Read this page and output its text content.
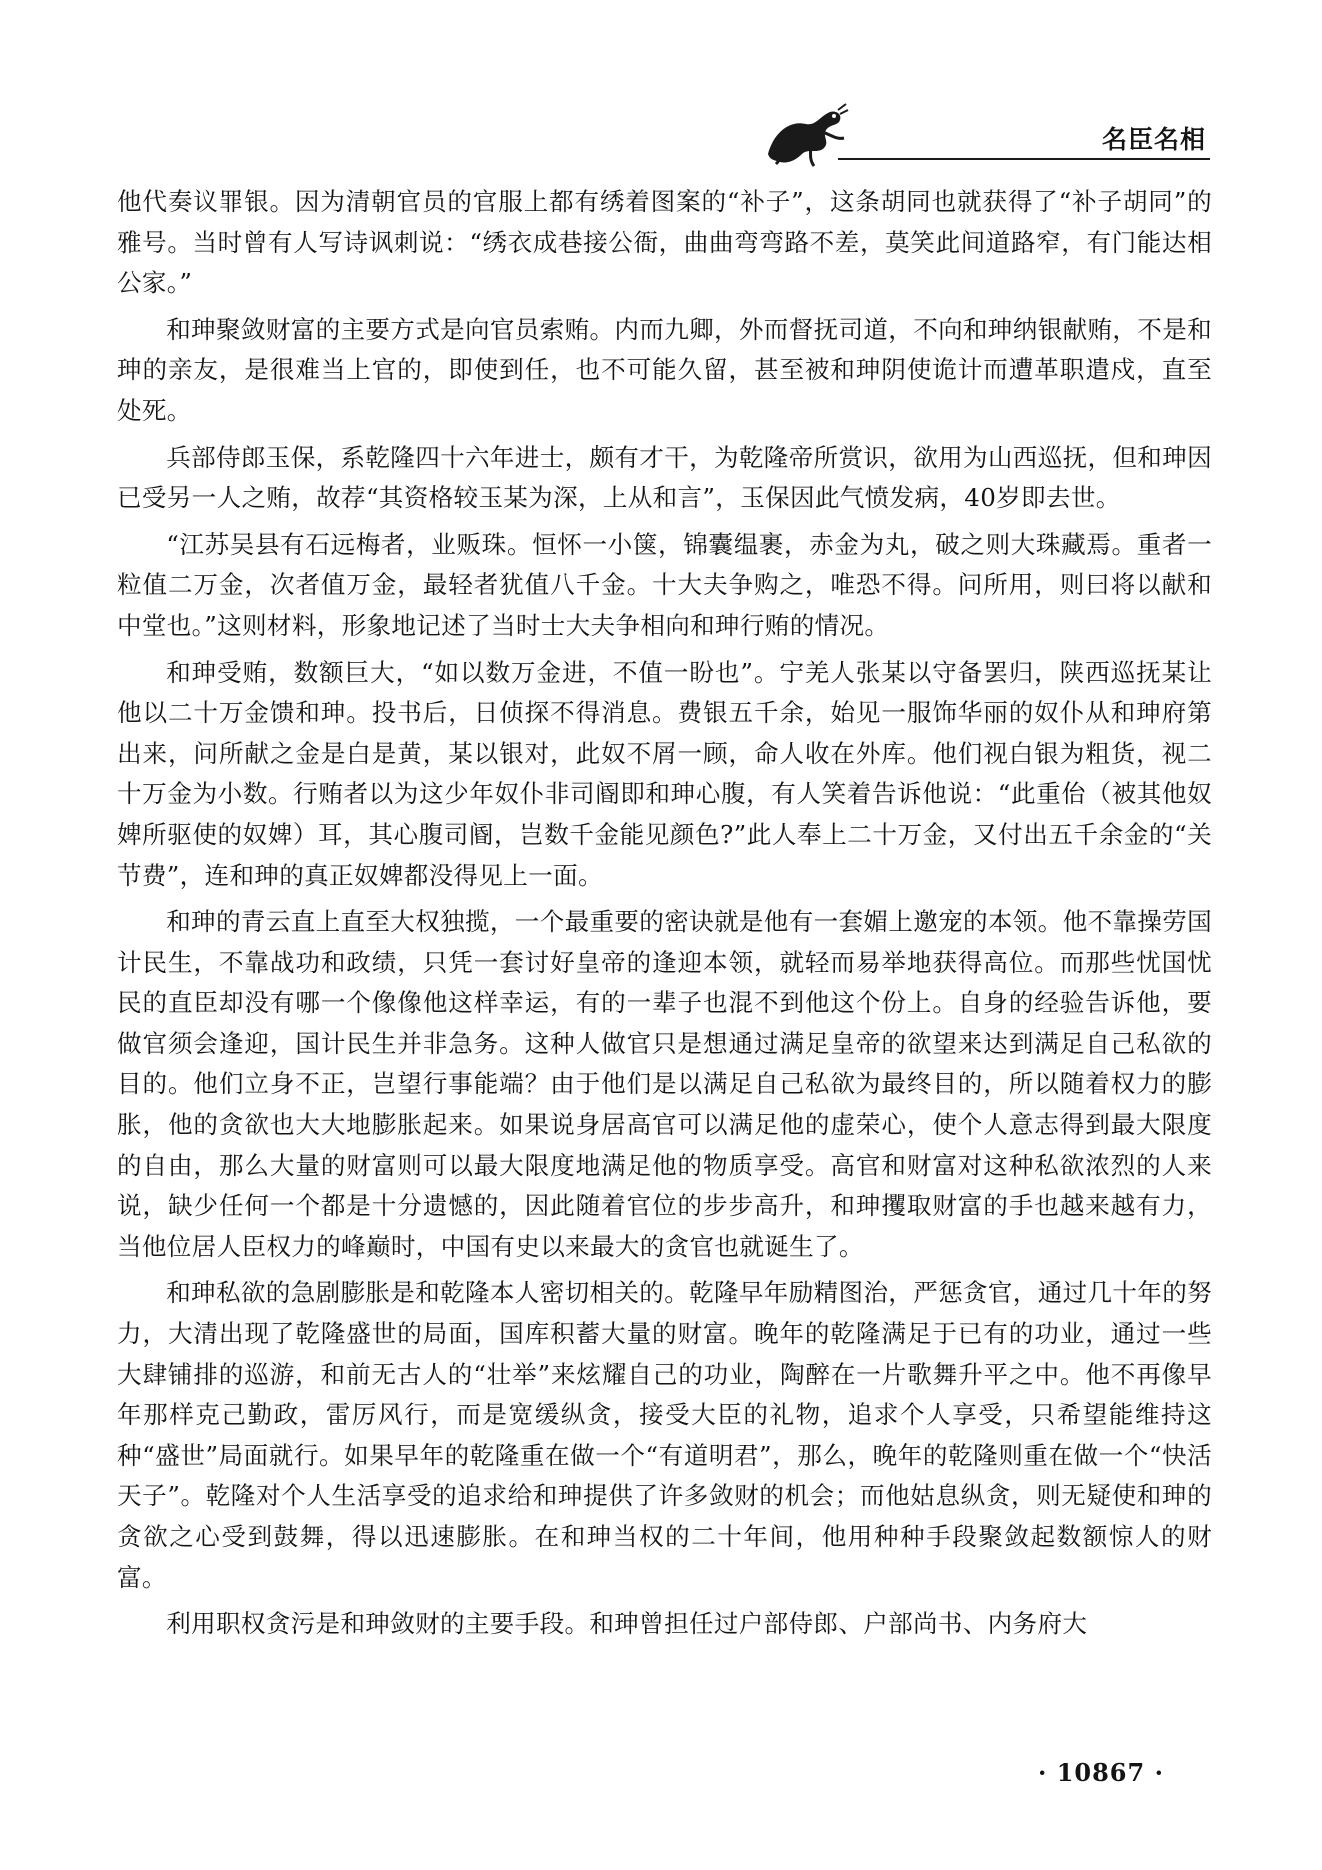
名臣名相

他代奏议罪银。因为清朝官员的官服上都有绣着图案的“补子”，这条胡同也就获得了“补子胡同”的雅号。当时曾有人写诗讽刺说：“绣衣成巷接公衙，曲曲弯弯路不差，莫笑此间道路窄，有门能达相公家。”

和珅聚敛财富的主要方式是向官员索贿。内而九卿，外而督抚司道，不向和珅纳银献贿，不是和珅的亲友，是很难当上官的，即使到任，也不可能久留，甚至被和珅阴使诡计而遭革职遣戍，直至处死。

兵部侍郎玉保，系乾隆四十六年进士，颇有才干，为乾隆帝所赏识，欲用为山西巡抚，但和珅因已受另一人之贿，故荐“其资格较玉某为深，上从和言”，玉保因此气愤发病，40岁即去世。

“江苏吴县有石远梅者，业贩珠。恒怀一小箧，锦囊缊裹，赤金为丸，破之则大珠藏焉。重者一粒值二万金，次者值万金，最轻者犹值八千金。十大夫争购之，唯恐不得。问所用，则曰将以献和中堂也。”这则材料，形象地记述了当时士大夫争相向和珅行贿的情况。

和珅受贿，数额巨大，“如以数万金进，不值一盼也”。宁羌人张某以守备罢归，陕西巡抚某让他以二十万金馈和珅。投书后，日侦探不得消息。费银五千余，始见一服饰华丽的奴仆从和珅府第出来，问所献之金是白是黄，某以银对，此奴不屑一顾，命人收在外库。他们视白银为粗货，视二十万金为小数。行贿者以为这少年奴仆非司阍即和珅心腹，有人笑着告诉他说：“此重佁（被其他奴婢所驱使的奴婢）耳，其心腹司阍，岂数千金能见颜色?”此人奉上二十万金，又付出五千余金的“关节费”，连和珅的真正奴婢都没得见上一面。

和珅的青云直上直至大权独揽，一个最重要的密诀就是他有一套媚上邀宠的本领。他不靠操劳国计民生，不靠战功和政绩，只凭一套讨好皇帝的逢迎本领，就轻而易举地获得高位。而那些忧国忧民的直臣却没有哪一个像像他这样幸运，有的一辈子也混不到他这个份上。自身的经验告诉他，要做官须会逢迎，国计民生并非急务。这种人做官只是想通过满足皇帝的欲望来达到满足自己私欲的目的。他们立身不正，岂望行事能端？由于他们是以满足自己私欲为最终目的，所以随着权力的膨胀，他的贪欲也大大地膨胀起来。如果说身居高官可以满足他的虚荣心，使个人意志得到最大限度的自由，那么大量的财富则可以最大限度地满足他的物质享受。高官和财富对这种私欲浓烈的人来说，缺少任何一个都是十分遗憾的，因此随着官位的步步高升，和珅攫取财富的手也越来越有力，当他位居人臣权力的峰巅时，中国有史以来最大的贪官也就诞生了。

和珅私欲的急剧膨胀是和乾隆本人密切相关的。乾隆早年励精图治，严惩贪官，通过几十年的努力，大清出现了乾隆盛世的局面，国库积蓄大量的财富。晚年的乾隆满足于已有的功业，通过一些大肆铺排的巡游，和前无古人的“壮举”来炫耀自己的功业，陶醉在一片歌舞升平之中。他不再像早年那样克己勤政，雷厉风行，而是宽缓纵贪，接受大臣的礼物，追求个人享受，只希望能维持这种“盛世”局面就行。如果早年的乾隆重在做一个“有道明君”，那么，晚年的乾隆则重在做一个“快活天子”。乾隆对个人生活享受的追求给和珅提供了许多敛财的机会；而他姑息纵贪，则无疑使和珅的贪欲之心受到鼓舞，得以迅速膨胀。在和珅当权的二十年间，他用种种手段聚敛起数额惊人的财富。

利用职权贪污是和珅敛财的主要手段。和珅曾担任过户部侍郎、户部尚书、内务府大

· 10867 ·
